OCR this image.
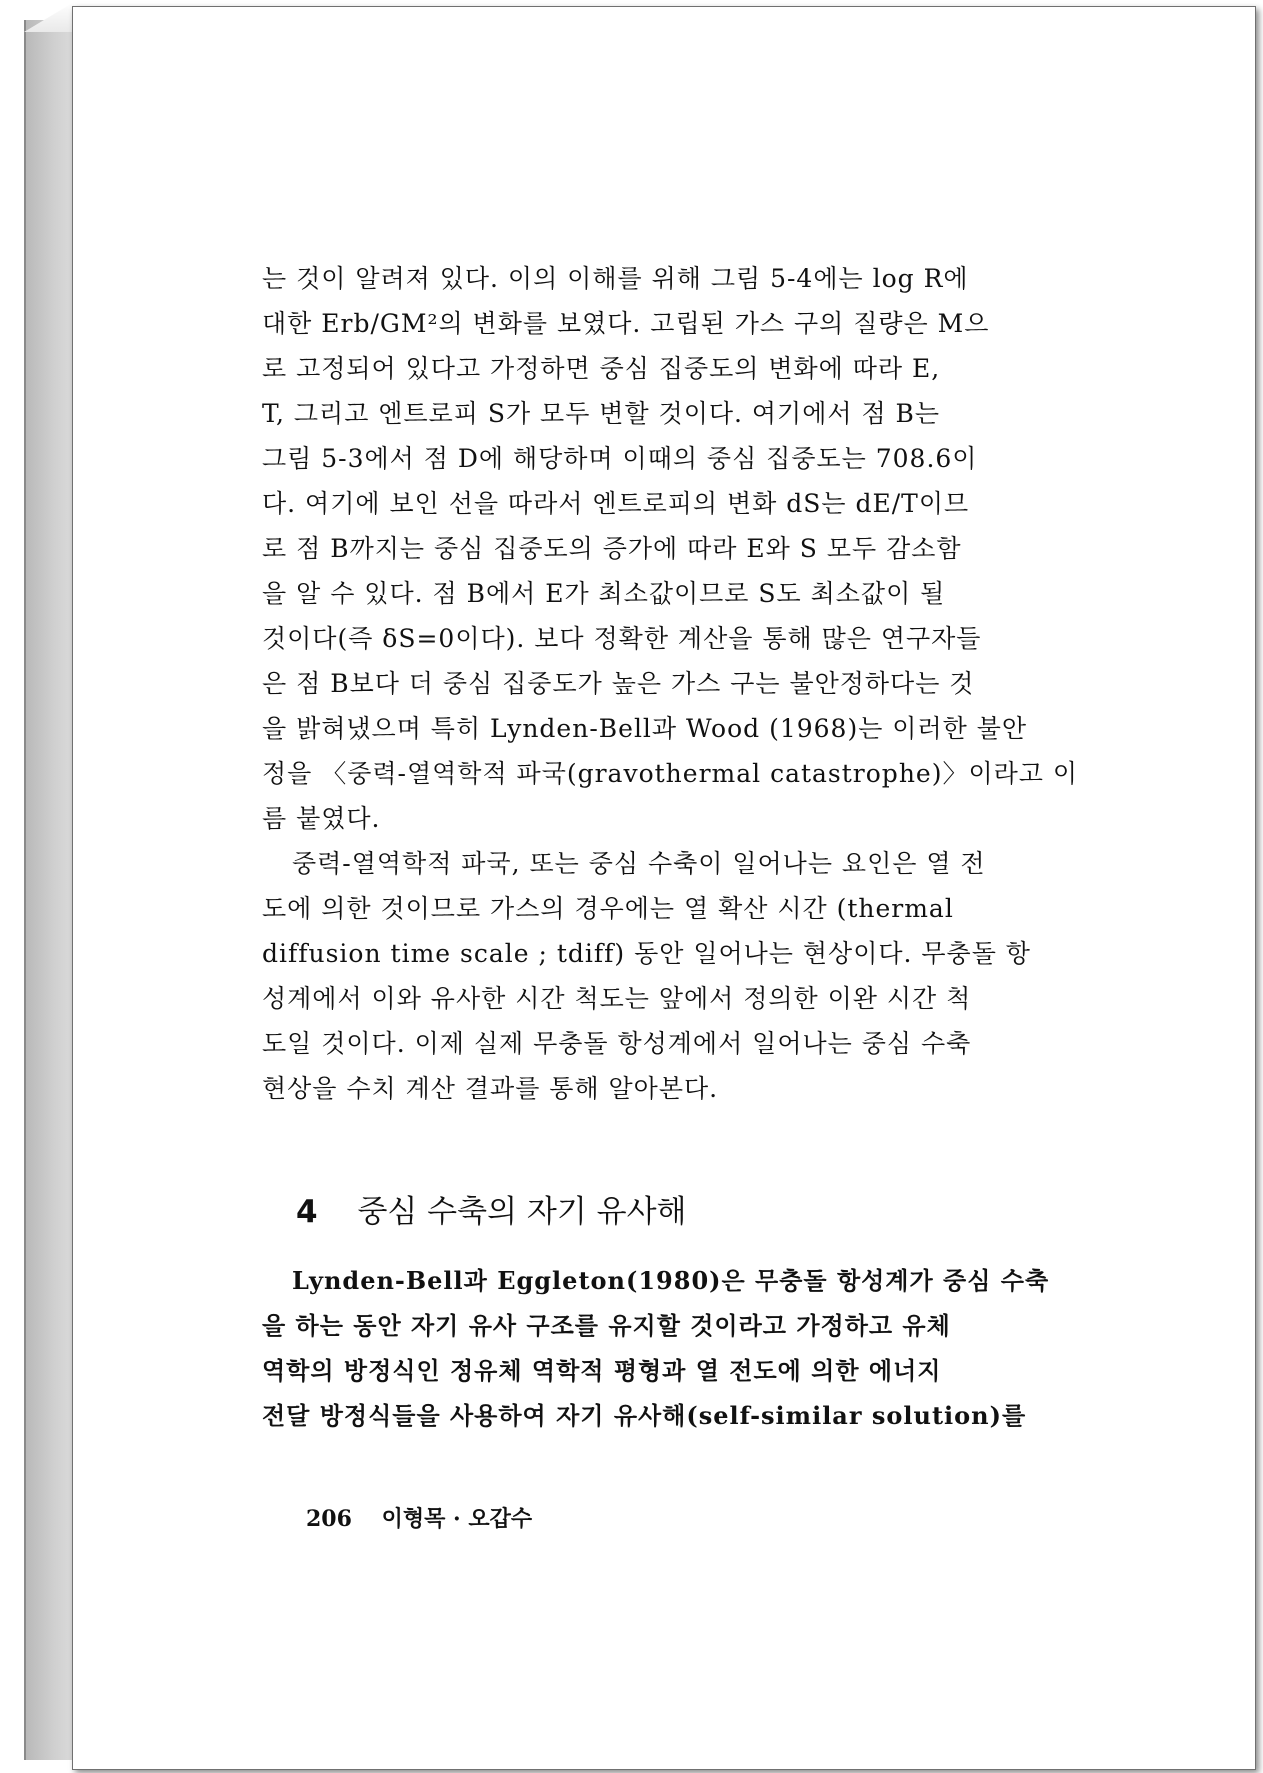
는 것이 알려져 있다. 이의 이해를 위해 그림 5-4에는 log R에
대한 Erb/GM²의 변화를 보였다. 고립된 가스 구의 질량은 M으
로 고정되어 있다고 가정하면 중심 집중도의 변화에 따라 E,
T, 그리고 엔트로피 S가 모두 변할 것이다. 여기에서 점 B는
그림 5-3에서 점 D에 해당하며 이때의 중심 집중도는 708.6이
다. 여기에 보인 선을 따라서 엔트로피의 변화 dS는 dE/T이므
로 점 B까지는 중심 집중도의 증가에 따라 E와 S 모두 감소함
을 알 수 있다. 점 B에서 E가 최소값이므로 S도 최소값이 될
것이다(즉 δS=0이다). 보다 정확한 계산을 통해 많은 연구자들
은 점 B보다 더 중심 집중도가 높은 가스 구는 불안정하다는 것
을 밝혀냈으며 특히 Lynden-Bell과 Wood (1968)는 이러한 불안
정을 〈중력-열역학적 파국(gravothermal catastrophe)〉이라고 이
름 붙였다.
중력-열역학적 파국, 또는 중심 수축이 일어나는 요인은 열 전
도에 의한 것이므로 가스의 경우에는 열 확산 시간 (thermal
diffusion time scale ; tdiff) 동안 일어나는 현상이다. 무충돌 항
성계에서 이와 유사한 시간 척도는 앞에서 정의한 이완 시간 척
도일 것이다. 이제 실제 무충돌 항성계에서 일어나는 중심 수축
현상을 수치 계산 결과를 통해 알아본다.
4 중심 수축의 자기 유사해
Lynden-Bell과 Eggleton(1980)은 무충돌 항성계가 중심 수축
을 하는 동안 자기 유사 구조를 유지할 것이라고 가정하고 유체
역학의 방정식인 정유체 역학적 평형과 열 전도에 의한 에너지
전달 방정식들을 사용하여 자기 유사해(self-similar solution)를
206 이형목 · 오갑수
